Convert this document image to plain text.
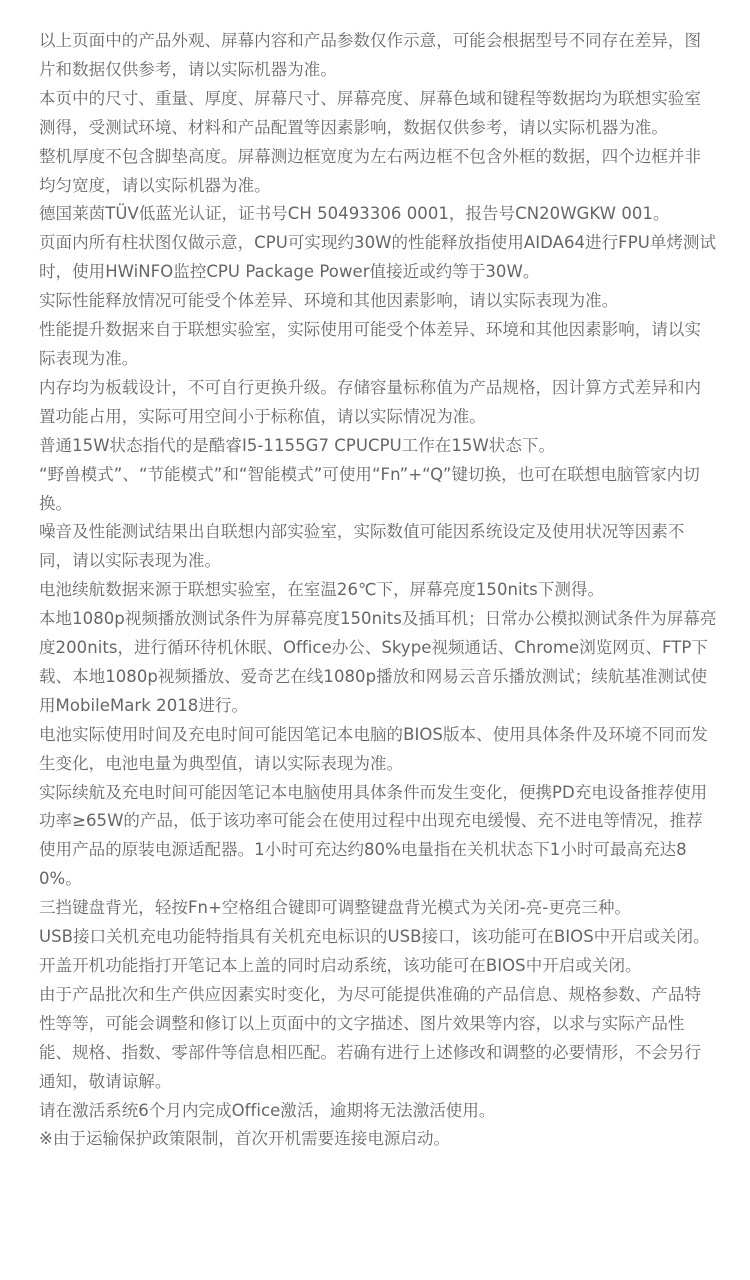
以上页面中的产品外观、屏幕内容和产品参数仅作示意，可能会根据型号不同存在差异，图片和数据仅供参考，请以实际机器为准。

本页中的尺寸、重量、厚度、屏幕尺寸、屏幕亮度、屏幕色域和键程等数据均为联想实验室测得，受测试环境、材料和产品配置等因素影响，数据仅供参考，请以实际机器为准。

整机厚度不包含脚垫高度。屏幕测边框宽度为左右两边框不包含外框的数据，四个边框并非均匀宽度，请以实际机器为准。

德国莱茵TÜV低蓝光认证，证书号CH 50493306 0001，报告号CN20WGKW 001。

页面内所有柱状图仅做示意，CPU可实现约30W的性能释放指使用AIDA64进行FPU单烤测试时，使用HWiNFO监控CPU Package Power值接近或约等于30W。

实际性能释放情况可能受个体差异、环境和其他因素影响，请以实际表现为准。

性能提升数据来自于联想实验室，实际使用可能受个体差异、环境和其他因素影响，请以实际表现为准。

内存均为板载设计，不可自行更换升级。存储容量标称值为产品规格，因计算方式差异和内置功能占用，实际可用空间小于标称值，请以实际情况为准。

普通15W状态指代的是酷睿I5-1155G7 CPUCPU工作在15W状态下。

“野兽模式”、“节能模式”和“智能模式”可使用“Fn”+“Q”键切换，也可在联想电脑管家内切换。

噪音及性能测试结果出自联想内部实验室，实际数值可能因系统设定及使用状况等因素不同，请以实际表现为准。

电池续航数据来源于联想实验室，在室温26℃下，屏幕亮度150nits下测得。

本地1080p视频播放测试条件为屏幕亮度150nits及插耳机；日常办公模拟测试条件为屏幕亮度200nits，进行循环待机休眠、Office办公、Skype视频通话、Chrome浏览网页、FTP下载、本地1080p视频播放、爱奇艺在线1080p播放和网易云音乐播放测试；续航基准测试使用MobileMark 2018进行。

电池实际使用时间及充电时间可能因笔记本电脑的BIOS版本、使用具体条件及环境不同而发生变化，电池电量为典型值，请以实际表现为准。

实际续航及充电时间可能因笔记本电脑使用具体条件而发生变化，便携PD充电设备推荐使用功率≥65W的产品，低于该功率可能会在使用过程中出现充电缓慢、充不进电等情况，推荐使用产品的原装电源适配器。1小时可充达约80%电量指在关机状态下1小时可最高充达80%。

三挡键盘背光，轻按Fn+空格组合键即可调整键盘背光模式为关闭-亮-更亮三种。

USB接口关机充电功能特指具有关机充电标识的USB接口，该功能可在BIOS中开启或关闭。

开盖开机功能指打开笔记本上盖的同时启动系统，该功能可在BIOS中开启或关闭。

由于产品批次和生产供应因素实时变化，为尽可能提供准确的产品信息、规格参数、产品特性等等，可能会调整和修订以上页面中的文字描述、图片效果等内容，以求与实际产品性能、规格、指数、零部件等信息相匹配。若确有进行上述修改和调整的必要情形，不会另行通知，敬请谅解。

请在激活系统6个月内完成Office激活，逾期将无法激活使用。

※由于运输保护政策限制，首次开机需要连接电源启动。
